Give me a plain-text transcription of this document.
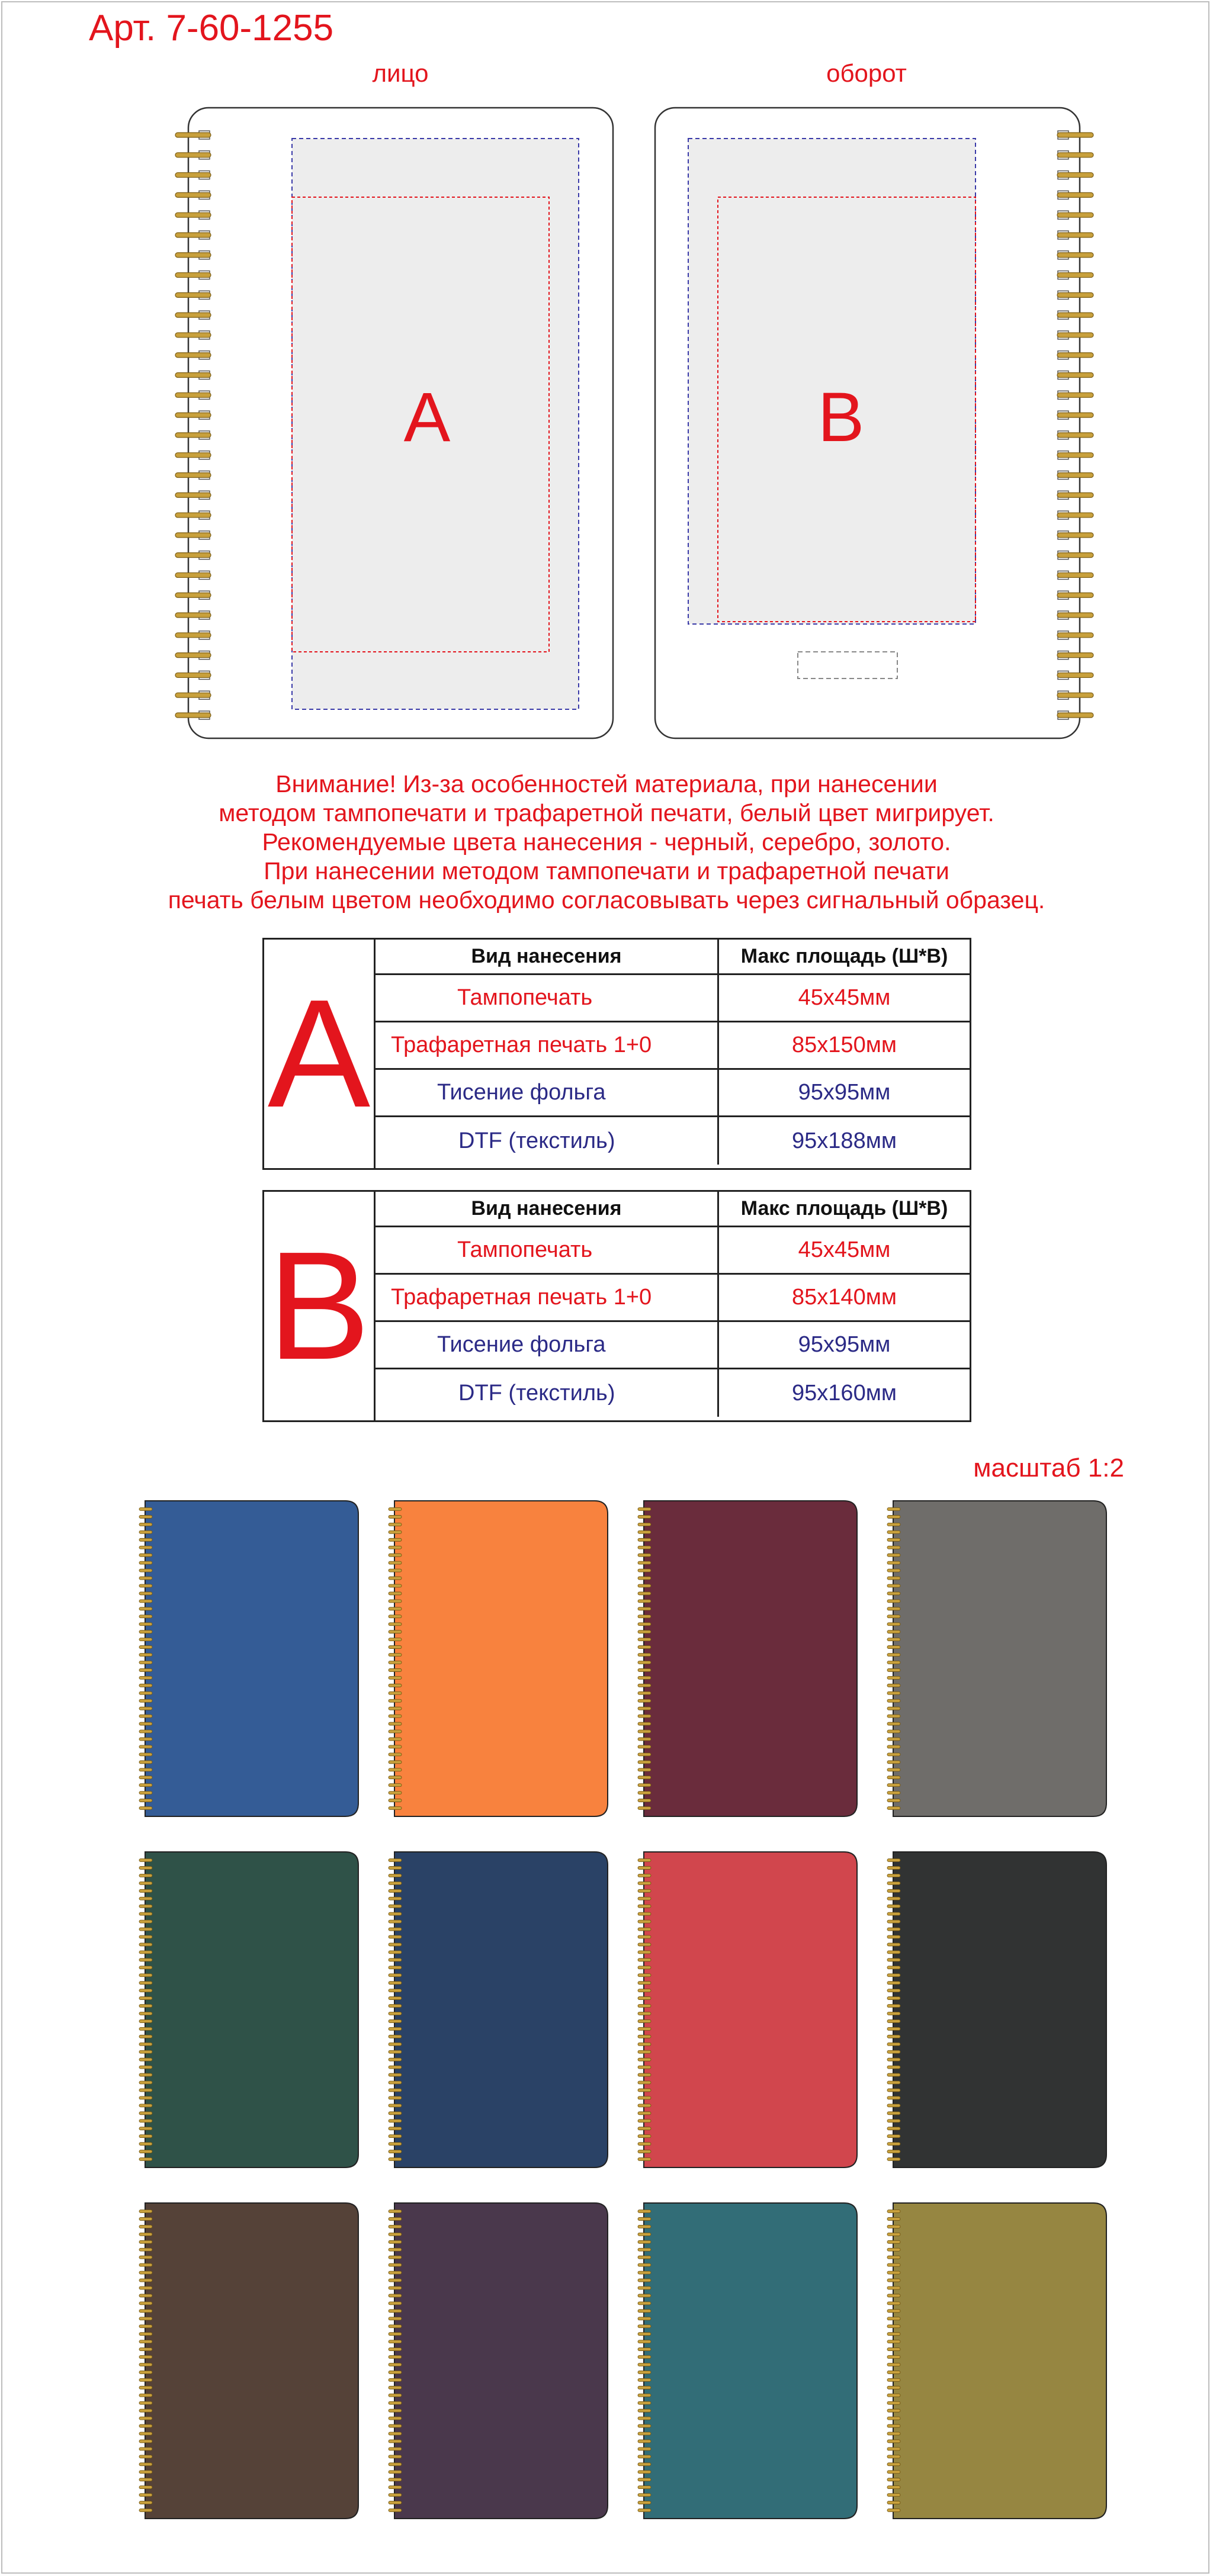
Арт. 7-60-1255
лицо	оборот
A	B
Внимание! Из-за особенностей материала, при нанесении
методом тампопечати и трафаретной печати, белый цвет мигрирует.
Рекомендуемые цвета нанесения - черный, серебро, золото.
При нанесении методом тампопечати и трафаретной печати
печать белым цветом необходимо согласовывать через сигнальный образец.
A
Вид нанесения	Макс площадь (Ш*В)
Тампопечать	45х45мм
Трафаретная печать 1+0	85х150мм
Тисение фольга	95х95мм
DTF (текстиль)	95х188мм
B
Вид нанесения	Макс площадь (Ш*В)
Тампопечать	45х45мм
Трафаретная печать 1+0	85х140мм
Тисение фольга	95х95мм
DTF (текстиль)	95х160мм
масштаб 1:2
